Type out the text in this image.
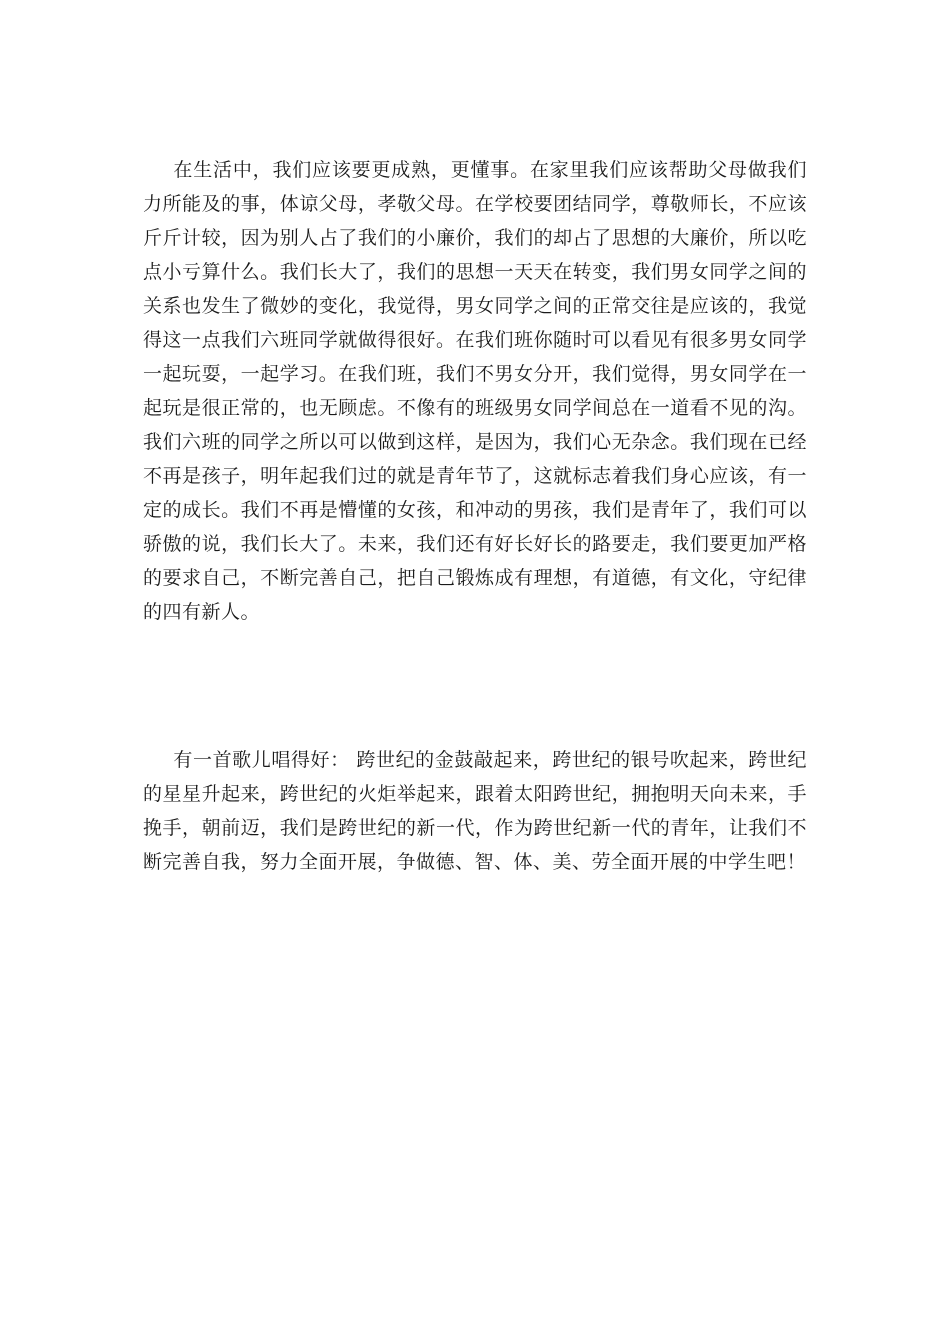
在生活中，我们应该要更成熟，更懂事。在家里我们应该帮助父母做我们力所能及的事，体谅父母，孝敬父母。在学校要团结同学，尊敬师长，不应该斤斤计较，因为别人占了我们的小廉价，我们的却占了思想的大廉价，所以吃点小亏算什么。我们长大了，我们的思想一天天在转变，我们男女同学之间的关系也发生了微妙的变化，我觉得，男女同学之间的正常交往是应该的，我觉得这一点我们六班同学就做得很好。在我们班你随时可以看见有很多男女同学一起玩耍，一起学习。在我们班，我们不男女分开，我们觉得，男女同学在一起玩是很正常的，也无顾虑。不像有的班级男女同学间总在一道看不见的沟。我们六班的同学之所以可以做到这样，是因为，我们心无杂念。我们现在已经不再是孩子，明年起我们过的就是青年节了，这就标志着我们身心应该，有一定的成长。我们不再是懵懂的女孩，和冲动的男孩，我们是青年了，我们可以骄傲的说，我们长大了。未来，我们还有好长好长的路要走，我们要更加严格的要求自己，不断完善自己，把自己锻炼成有理想，有道德，有文化，守纪律的四有新人。

有一首歌儿唱得好： 跨世纪的金鼓敲起来，跨世纪的银号吹起来，跨世纪的星星升起来，跨世纪的火炬举起来，跟着太阳跨世纪，拥抱明天向未来，手挽手，朝前迈，我们是跨世纪的新一代，作为跨世纪新一代的青年，让我们不断完善自我，努力全面开展，争做德、智、体、美、劳全面开展的中学生吧！
